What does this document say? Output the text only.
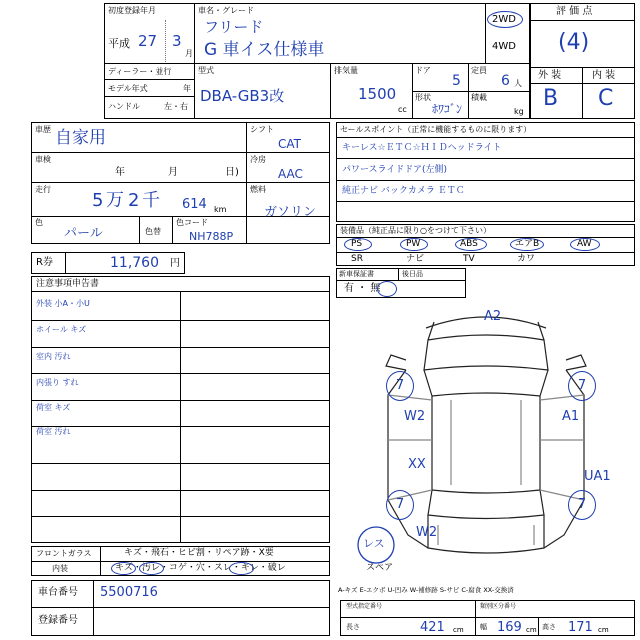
初度登録年月
平成 27 3
月
車名・グレード
フリード
G 車イス仕様車
2WD
4WD
ディーラー・並行
モデル年式	年
ハンドル	左・右
型式
DBA-GB3改
排気量
1500
cc
ドア
5
定員
6 人
形状
ﾎﾜｺﾞﾝ
積載
kg
評 価 点
(4)
外 装	内 装
B C
車歴 自家用
車検
年	月	日)
走行
5 万 2 千 614 km
色
パール	色替
色コード
NH788P
シフト
CAT
冷房
AAC
燃料
ガソリン
R券	11,760 円
セールスポイント（正常に機能するものに限ります）
キーレス☆ＥＴＣ☆ＨＩＤヘッドライト
パワースライドドア(左側)
純正ナビ バックカメラ ＥＴＣ
装備品（純正品に限り○をつけて下さい）
PS	PW	ABS	エアB	AW
SR	ナビ	TV	カワ
新車保証書	後日品
有 ・ 無
注意事項申告書
外装 小A・小U
ホイール キズ
室内 汚れ
内張り すれ
荷室 キズ
荷室 汚れ
A2
W2	A1
XX
UA1
W2
7	7
7	7
レス
スペア
フロントガラス	キズ・飛石・ヒビ割・リペア跡・X要
内装	キズ・汚レ・コゲ・穴・スレ・キレ・破レ
A-キズ E-エクボ U-凹み W-補修跡 S-サビ C-腐食 XX-交換済
車台番号 5500716
登録番号
型式指定番号	類別区分番号
長さ	421 cm 幅 169 cm 高さ 171 cm
